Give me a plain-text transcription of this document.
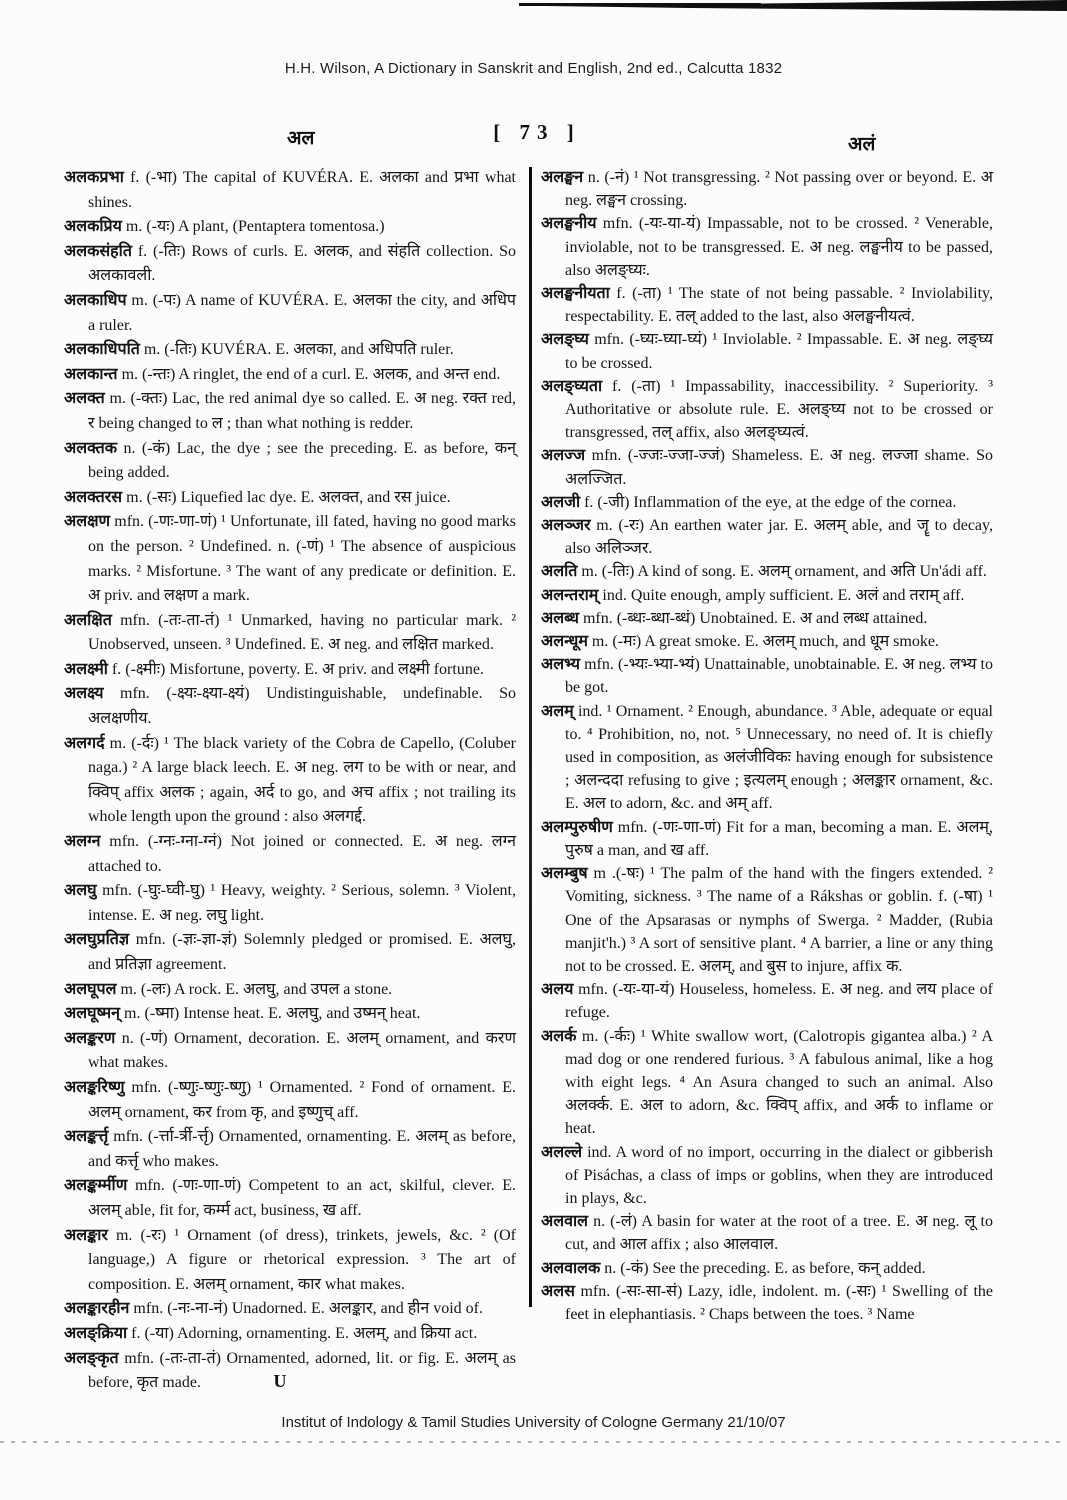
H.H. Wilson, A Dictionary in Sanskrit and English, 2nd ed., Calcutta 1832
अल	[ 73 ]
अलं

अलकप्रभा f. (-भा) The capital of KUVÉRA. E. अलका and प्रभा what shines.

अलकप्रिय m. (-यः) A plant, (Pentaptera tomentosa.)

अलकसंहति f. (-तिः) Rows of curls. E. अलक, and संहति collection. So अलकावली.

अलकाधिप m. (-पः) A name of KUVÉRA. E. अलका the city, and अधिप a ruler.

अलकाधिपति m. (-तिः) KUVÉRA. E. अलका, and अधिपति ruler.

अलकान्त m. (-न्तः) A ringlet, the end of a curl. E. अलक, and अन्त end.

अलक्त m. (-क्तः) Lac, the red animal dye so called. E. अ neg. रक्त red, र being changed to ल ; than what nothing is redder.

अलक्तक n. (-कं) Lac, the dye ; see the preceding. E. as before, कन् being added.

अलक्तरस m. (-सः) Liquefied lac dye. E. अलक्त, and रस juice.

अलक्षण mfn. (-णः-णा-णं) ¹ Unfortunate, ill fated, having no good marks on the person. ² Undefined. n. (-णं) ¹ The absence of auspicious marks. ² Misfortune. ³ The want of any predicate or definition. E. अ priv. and लक्षण a mark.

अलक्षित mfn. (-तः-ता-तं) ¹ Unmarked, having no particular mark. ² Unobserved, unseen. ³ Undefined. E. अ neg. and लक्षित marked.

अलक्ष्मी f. (-क्ष्मीः) Misfortune, poverty. E. अ priv. and लक्ष्मी fortune.

अलक्ष्य mfn. (-क्ष्यः-क्ष्या-क्ष्यं) Undistinguishable, undefinable. So अलक्षणीय.

अलगर्द m. (-र्दः) ¹ The black variety of the Cobra de Capello, (Coluber naga.) ² A large black leech. E. अ neg. लग to be with or near, and क्विप् affix अलक ; again, अर्द to go, and अच affix ; not trailing its whole length upon the ground : also अलगर्द्द.

अलग्न mfn. (-ग्नः-ग्ना-ग्नं) Not joined or connected. E. अ neg. लग्न attached to.

अलघु mfn. (-घुः-घ्वी-घु) ¹ Heavy, weighty. ² Serious, solemn. ³ Violent, intense. E. अ neg. लघु light.

अलघुप्रतिज्ञ mfn. (-ज्ञः-ज्ञा-ज्ञं) Solemnly pledged or promised. E. अलघु, and प्रतिज्ञा agreement.

अलघूपल m. (-लः) A rock. E. अलघु, and उपल a stone.

अलघूष्मन् m. (-ष्मा) Intense heat. E. अलघु, and उष्मन् heat.

अलङ्करण n. (-णं) Ornament, decoration. E. अलम् ornament, and करण what makes.

अलङ्करिष्णु mfn. (-ष्णुः-ष्णुः-ष्णु) ¹ Ornamented. ² Fond of ornament. E. अलम् ornament, कर from कृ, and इष्णुच् aff.

अलङ्कर्त्तृ mfn. (-र्त्ता-र्त्री-र्त्तृ) Ornamented, ornamenting. E. अलम् as before, and कर्त्तृ who makes.

अलङ्कर्म्मीण mfn. (-णः-णा-णं) Competent to an act, skilful, clever. E. अलम् able, fit for, कर्म्म act, business, ख aff.

अलङ्कार m. (-रः) ¹ Ornament (of dress), trinkets, jewels, &c. ² (Of language,) A figure or rhetorical expression. ³ The art of composition. E. अलम् ornament, कार what makes.

अलङ्कारहीन mfn. (-नः-ना-नं) Unadorned. E. अलङ्कार, and हीन void of.

अलङ्क्रिया f. (-या) Adorning, ornamenting. E. अलम्, and क्रिया act.

अलङ्कृत mfn. (-तः-ता-तं) Ornamented, adorned, lit. or fig. E. अलम् as before, कृत made.

अलङ्घन n. (-नं) ¹ Not transgressing. ² Not passing over or beyond. E. अ neg. लङ्घन crossing.

अलङ्घनीय mfn. (-यः-या-यं) Impassable, not to be crossed. ² Venerable, inviolable, not to be transgressed. E. अ neg. लङ्घनीय to be passed, also अलङ्घ्यः.

अलङ्घनीयता f. (-ता) ¹ The state of not being passable. ² Inviolability, respectability. E. तल् added to the last, also अलङ्घनीयत्वं.

अलङ्घ्य mfn. (-घ्यः-घ्या-घ्यं) ¹ Inviolable. ² Impassable. E. अ neg. लङ्घ्य to be crossed.

अलङ्घ्यता f. (-ता) ¹ Impassability, inaccessibility. ² Superiority. ³ Authoritative or absolute rule. E. अलङ्घ्य not to be crossed or transgressed, तल् affix, also अलङ्घ्यत्वं.

अलज्ज mfn. (-ज्जः-ज्जा-ज्जं) Shameless. E. अ neg. लज्जा shame. So अलज्जित.

अलजी f. (-जी) Inflammation of the eye, at the edge of the cornea.

अलञ्जर m. (-रः) An earthen water jar. E. अलम् able, and जॄ to decay, also अलिञ्जर.

अलति m. (-तिः) A kind of song. E. अलम् ornament, and अति Un'ádi aff.

अलन्तराम् ind. Quite enough, amply sufficient. E. अलं and तराम् aff.

अलब्ध mfn. (-ब्धः-ब्धा-ब्धं) Unobtained. E. अ and लब्ध attained.

अलन्धूम m. (-मः) A great smoke. E. अलम् much, and धूम smoke.

अलभ्य mfn. (-भ्यः-भ्या-भ्यं) Unattainable, unobtainable. E. अ neg. लभ्य to be got.

अलम् ind. ¹ Ornament. ² Enough, abundance. ³ Able, adequate or equal to. ⁴ Prohibition, no, not. ⁵ Unnecessary, no need of. It is chiefly used in composition, as अलंजीविकः having enough for subsistence ; अलन्ददा refusing to give ; इत्यलम् enough ; अलङ्कार ornament, &c. E. अल to adorn, &c. and अम् aff.

अलम्पुरुषीण mfn. (-णः-णा-णं) Fit for a man, becoming a man. E. अलम्, पुरुष a man, and ख aff.

अलम्बुष m .(-षः) ¹ The palm of the hand with the fingers extended. ² Vomiting, sickness. ³ The name of a Rákshas or goblin. f. (-षा) ¹ One of the Apsarasas or nymphs of Swerga. ² Madder, (Rubia manjit'h.) ³ A sort of sensitive plant. ⁴ A barrier, a line or any thing not to be crossed. E. अलम्, and बुस to injure, affix क.

अलय mfn. (-यः-या-यं) Houseless, homeless. E. अ neg. and लय place of refuge.

अलर्क m. (-र्कः) ¹ White swallow wort, (Calotropis gigantea alba.) ² A mad dog or one rendered furious. ³ A fabulous animal, like a hog with eight legs. ⁴ An Asura changed to such an animal. Also अलर्क्क. E. अल to adorn, &c. क्विप् affix, and अर्क to inflame or heat.

अलल्ले ind. A word of no import, occurring in the dialect or gibberish of Pisáchas, a class of imps or goblins, when they are introduced in plays, &c.

अलवाल n. (-लं) A basin for water at the root of a tree. E. अ neg. लू to cut, and आल affix ; also आलवाल.

अलवालक n. (-कं) See the preceding. E. as before, कन् added.

अलस mfn. (-सः-सा-सं) Lazy, idle, indolent. m. (-सः) ¹ Swelling of the feet in elephantiasis. ² Chaps between the toes. ³ Name

U
Institut of Indology & Tamil Studies University of Cologne Germany 21/10/07
